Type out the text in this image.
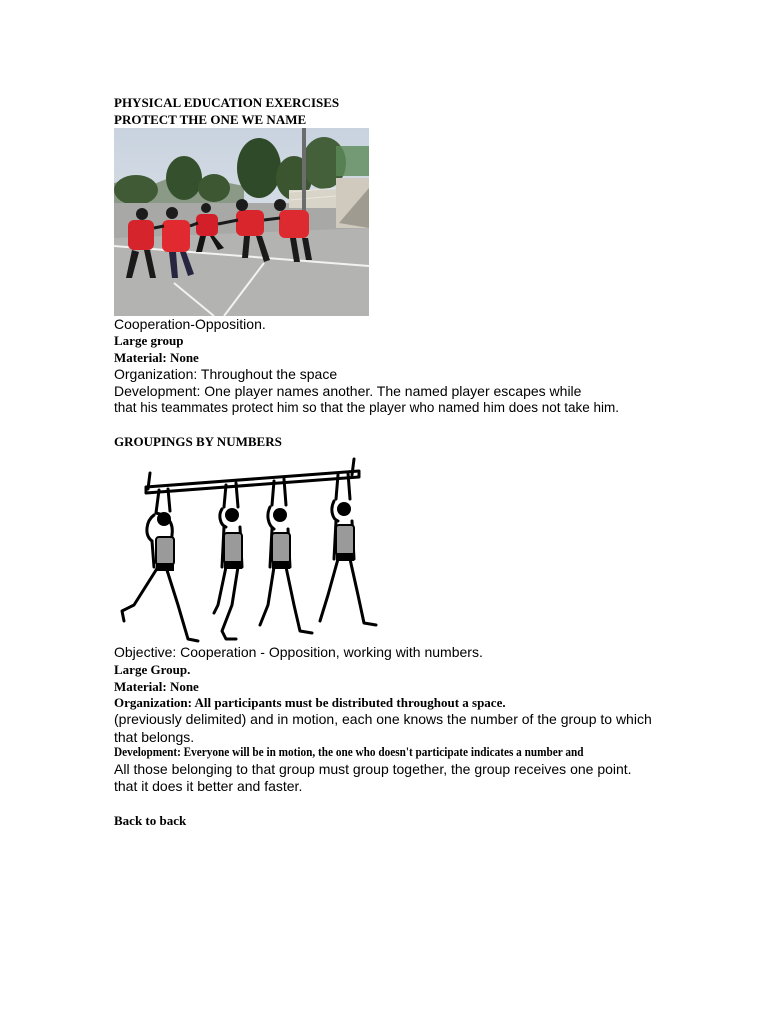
PHYSICAL EDUCATION EXERCISES
PROTECT THE ONE WE NAME
Cooperation-Opposition.
Large group
Material: None
Organization: Throughout the space
Development: One player names another. The named player escapes while
that his teammates protect him so that the player who named him does not take him.
GROUPINGS BY NUMBERS
Objective: Cooperation - Opposition, working with numbers.
Large Group.
Material: None
Organization: All participants must be distributed throughout a space.
(previously delimited) and in motion, each one knows the number of the group to which
that belongs.
Development: Everyone will be in motion, the one who doesn't participate indicates a number and
All those belonging to that group must group together, the group receives one point.
that it does it better and faster.
Back to back
